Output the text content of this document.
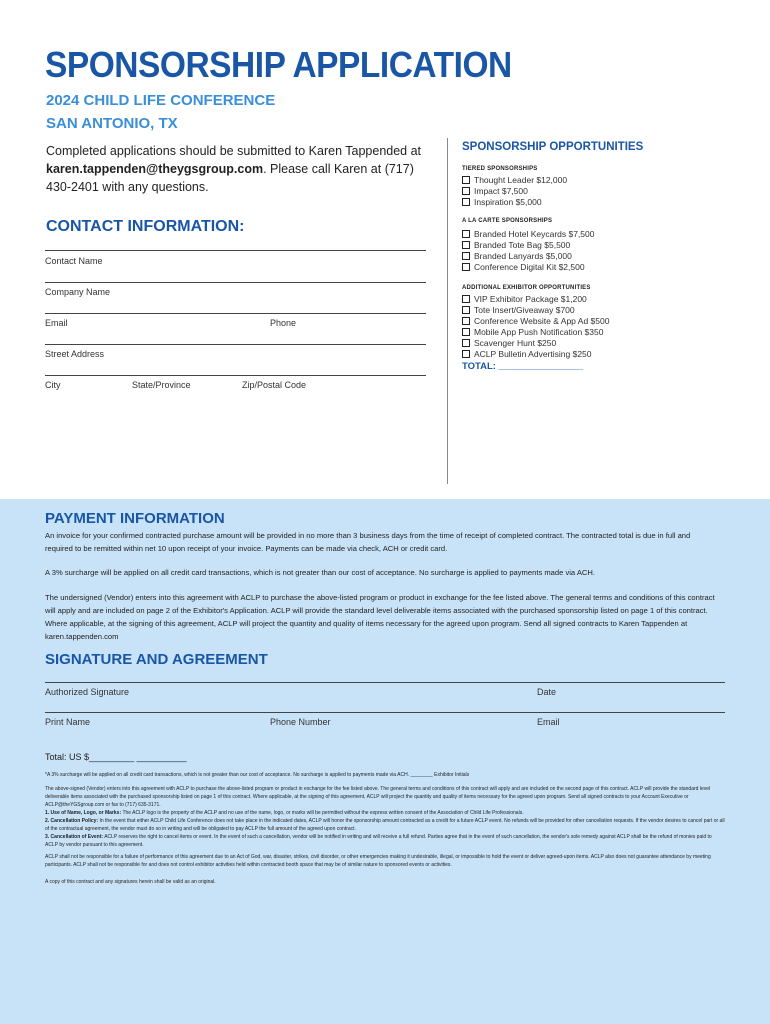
SPONSORSHIP APPLICATION
2024 CHILD LIFE CONFERENCE
SAN ANTONIO, TX
Completed applications should be submitted to Karen Tappended at karen.tappenden@theygsgroup.com. Please call Karen at (717) 430-2401 with any questions.
CONTACT INFORMATION:
Contact Name
Company Name
Email	Phone
Street Address
City	State/Province	Zip/Postal Code
SPONSORSHIP OPPORTUNITIES
TIERED SPONSORSHIPS
Thought Leader $12,000
Impact $7,500
Inspiration $5,000
A LA CARTE SPONSORSHIPS
Branded Hotel Keycards $7,500
Branded Tote Bag $5,500
Branded Lanyards $5,000
Conference Digital Kit $2,500
ADDITIONAL EXHIBITOR OPPORTUNITIES
VIP Exhibitor Package $1,200
Tote Insert/Giveaway $700
Conference Website & App Ad $500
Mobile App Push Notification $350
Scavenger Hunt $250
ACLP Bulletin Advertising $250
TOTAL: ________________
PAYMENT INFORMATION
An invoice for your confirmed contracted purchase amount will be provided in no more than 3 business days from the time of receipt of completed contract. The contracted total is due in full and required to be remitted within net 10 upon receipt of your invoice. Payments can be made via check, ACH or credit card.
A 3% surcharge will be applied on all credit card transactions, which is not greater than our cost of acceptance. No surcharge is applied to payments made via ACH.
The undersigned (Vendor) enters into this agreement with ACLP to purchase the above-listed program or product in exchange for the fee listed above. The general terms and conditions of this contract will apply and are included on page 2 of the Exhibitor's Application. ACLP will provide the standard level deliverable items associated with the purchased sponsorship listed on page 1 of this contract. Where applicable, at the signing of this agreement, ACLP will project the quantity and quality of items necessary for the agreed upon program. Send all signed contracts to Karen Tappenden at karen.tappenden.com
SIGNATURE AND AGREEMENT
Authorized Signature	Date
Print Name	Phone Number	Email
Total: US $_________ __________
*A 3% surcharge will be applied on all credit card transactions, which is not greater than our cost of acceptance. No surcharge is applied to payments made via ACH. ________ Exhibitor Initials
The above-signed (Vendor) enters into this agreement with ACLP to purchase the above-listed program or product in exchange for the fee listed above. The general terms and conditions of this contract will apply and are included on the second page of this contract. ACLP will provide the standard level deliverable items associated with the purchased sponsorship listed on page 1 of this contract. Where applicable, at the signing of this agreement, ACLP will project the quantity and quality of items necessary for the agreed upon program. Send all signed contracts to your Account Executive or ACLP@theYGSgroup.com or fax to (717) 635-3171.
1. Use of Name, Logo, or Marks: The ACLP logo is the property of the ACLP and no use of the name, logo, or marks will be permitted without the express written consent of the Association of Child Life Professionals.
2. Cancellation Policy: In the event that either ACLP Child Life Conference does not take place in the indicated dates, ACLP will honor the sponsorship amount contracted as a credit for a future ACLP event. No refunds will be provided for other cancellation requests. If the vendor desires to cancel part or all of the contractual agreement, the vendor must do so in writing and will be obligated to pay ACLP the full amount of the agreed upon contract.
3. Cancellation of Event: ACLP reserves the right to cancel items or event. In the event of such a cancellation, vendor will be notified in writing and will receive a full refund. Parties agree that in the event of such cancellation, the vendor's sole remedy against ACLP shall be the refund of monies paid to ACLP by vendor pursuant to this agreement.
ACLP shall not be responsible for a failure of performance of this agreement due to an Act of God, war, disaster, strikes, civil disorder, or other emergencies making it undesirable, illegal, or impossible to hold the event or deliver agreed-upon items. ACLP also does not guarantee attendance by meeting participants. ACLP shall not be responsible for and does not control exhibitor activities held within contracted booth space that may be of similar nature to sponsored events or activities.
A copy of this contract and any signatures herein shall be valid as an original.
